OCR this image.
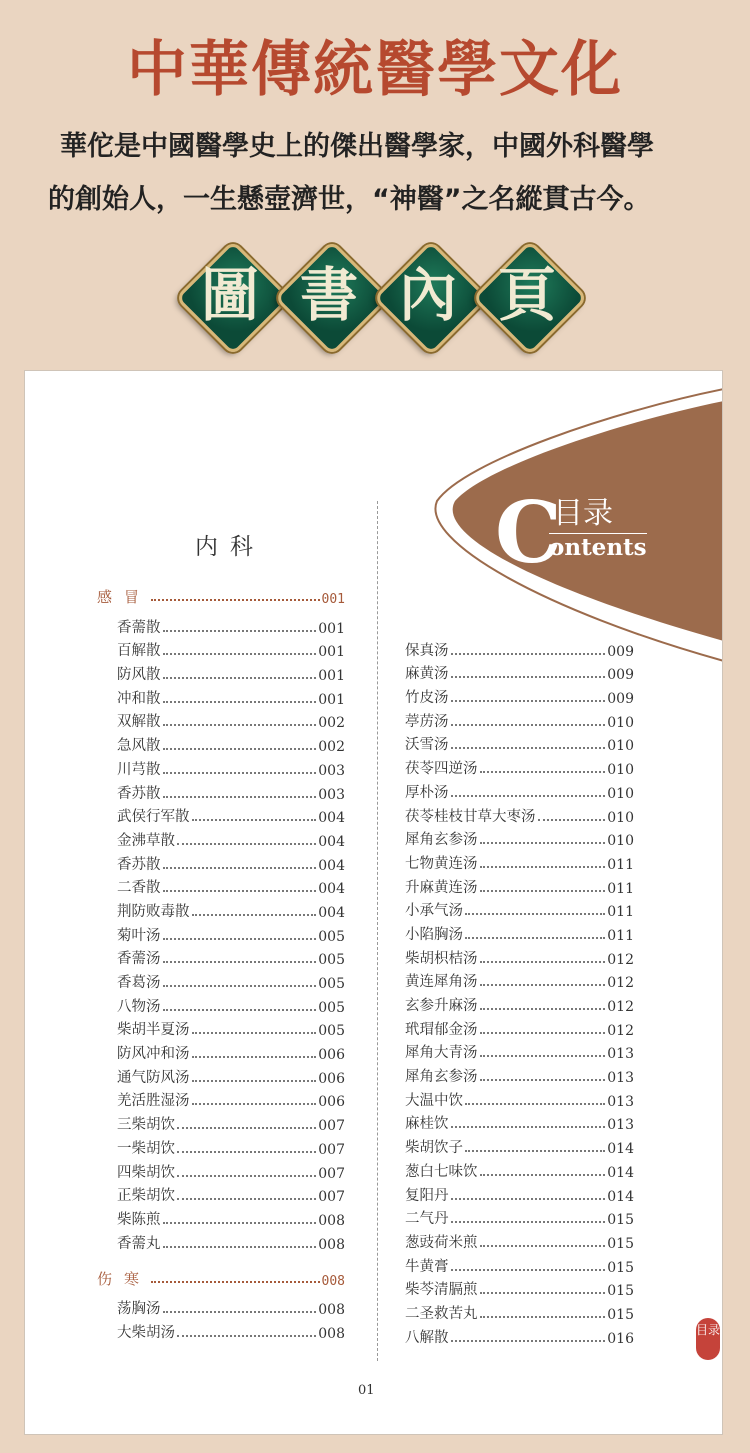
中華傳統醫學文化
華佗是中國醫學史上的傑出醫學家，中國外科醫學
的創始人，一生懸壺濟世，“神醫”之名縱貫古今。
圖 書 內 頁
C
目录
ontents
内科
感冒	001
香薷散	001
百解散	001
防风散	001
冲和散	001
双解散	002
急风散	002
川芎散	003
香苏散	003
武侯行军散	004
金沸草散	004
香苏散	004
二香散	004
荆防败毒散	004
菊叶汤	005
香薷汤	005
香葛汤	005
八物汤	005
柴胡半夏汤	005
防风冲和汤	006
通气防风汤	006
羌活胜湿汤	006
三柴胡饮	007
一柴胡饮	007
四柴胡饮	007
正柴胡饮	007
柴陈煎	008
香薷丸	008
伤寒	008
荡胸汤	008
大柴胡汤	008
保真汤	009
麻黄汤	009
竹皮汤	009
葶苈汤	010
沃雪汤	010
茯苓四逆汤	010
厚朴汤	010
茯苓桂枝甘草大枣汤	010
犀角玄参汤	010
七物黄连汤	011
升麻黄连汤	011
小承气汤	011
小陷胸汤	011
柴胡枳桔汤	012
黄连犀角汤	012
玄参升麻汤	012
玳瑁郁金汤	012
犀角大青汤	013
犀角玄参汤	013
大温中饮	013
麻桂饮	013
柴胡饮子	014
葱白七味饮	014
复阳丹	014
二气丹	015
葱豉荷米煎	015
牛黄膏	015
柴芩清膈煎	015
二圣救苦丸	015
八解散	016
01
目录
